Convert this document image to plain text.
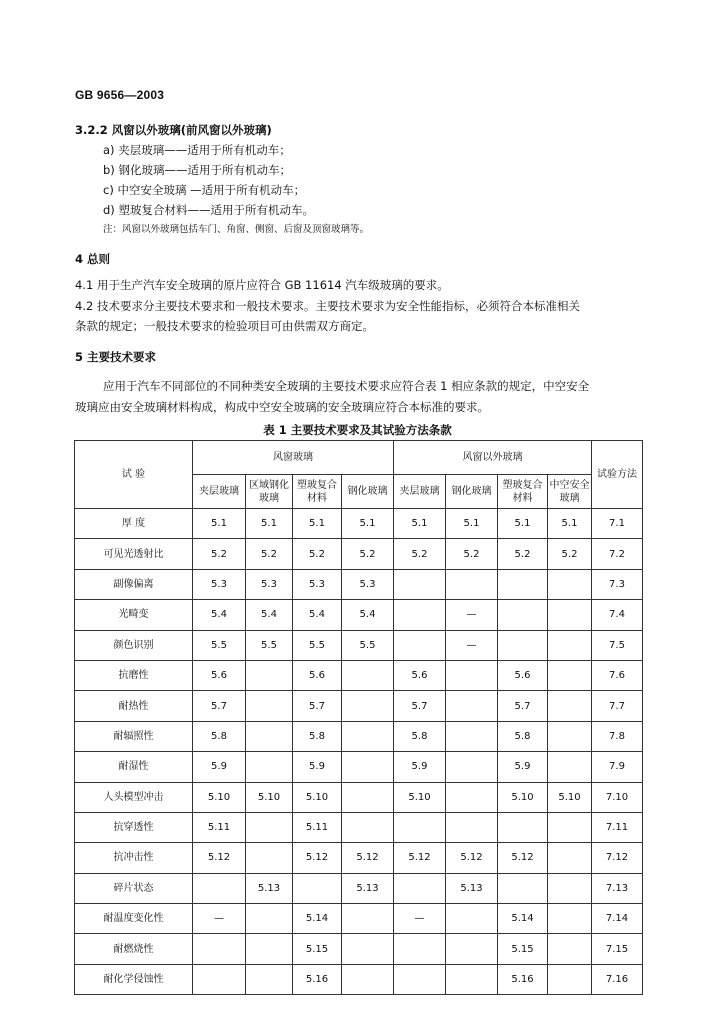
GB 9656—2003
3.2.2 风窗以外玻璃(前风窗以外玻璃)
a) 夹层玻璃——适用于所有机动车；
b) 钢化玻璃——适用于所有机动车；
c) 中空安全玻璃 —适用于所有机动车；
d) 塑玻复合材料——适用于所有机动车。
注：风窗以外玻璃包括车门、角窗、侧窗、后窗及顶窗玻璃等。
4 总则
4.1 用于生产汽车安全玻璃的原片应符合 GB 11614 汽车级玻璃的要求。
4.2 技术要求分主要技术要求和一般技术要求。主要技术要求为安全性能指标，必须符合本标准相关
条款的规定；一般技术要求的检验项目可由供需双方商定。
5 主要技术要求
应用于汽车不同部位的不同种类安全玻璃的主要技术要求应符合表 1 相应条款的规定，中空安全
玻璃应由安全玻璃材料构成，构成中空安全玻璃的安全玻璃应符合本标准的要求。
表 1 主要技术要求及其试验方法条款
试 验	风窗玻璃				风窗以外玻璃				试验方法
	夹层玻璃	区域钢化玻璃	塑玻复合材料	钢化玻璃	夹层玻璃	钢化玻璃	塑玻复合材料	中空安全玻璃	
厚 度	5.1	5.1	5.1	5.1	5.1	5.1	5.1	5.1	7.1
可见光透射比	5.2	5.2	5.2	5.2	5.2	5.2	5.2	5.2	7.2
副像偏离	5.3	5.3	5.3	5.3					7.3
光畸变	5.4	5.4	5.4	5.4		—			7.4
颜色识别	5.5	5.5	5.5	5.5		—			7.5
抗磨性	5.6		5.6		5.6		5.6		7.6
耐热性	5.7		5.7		5.7		5.7		7.7
耐辐照性	5.8		5.8		5.8		5.8		7.8
耐湿性	5.9		5.9		5.9		5.9		7.9
人头模型冲击	5.10	5.10	5.10		5.10		5.10	5.10	7.10
抗穿透性	5.11		5.11						7.11
抗冲击性	5.12		5.12	5.12	5.12	5.12	5.12		7.12
碎片状态		5.13		5.13		5.13			7.13
耐温度变化性	—		5.14		—		5.14		7.14
耐燃烧性			5.15				5.15		7.15
耐化学侵蚀性			5.16				5.16		7.16
